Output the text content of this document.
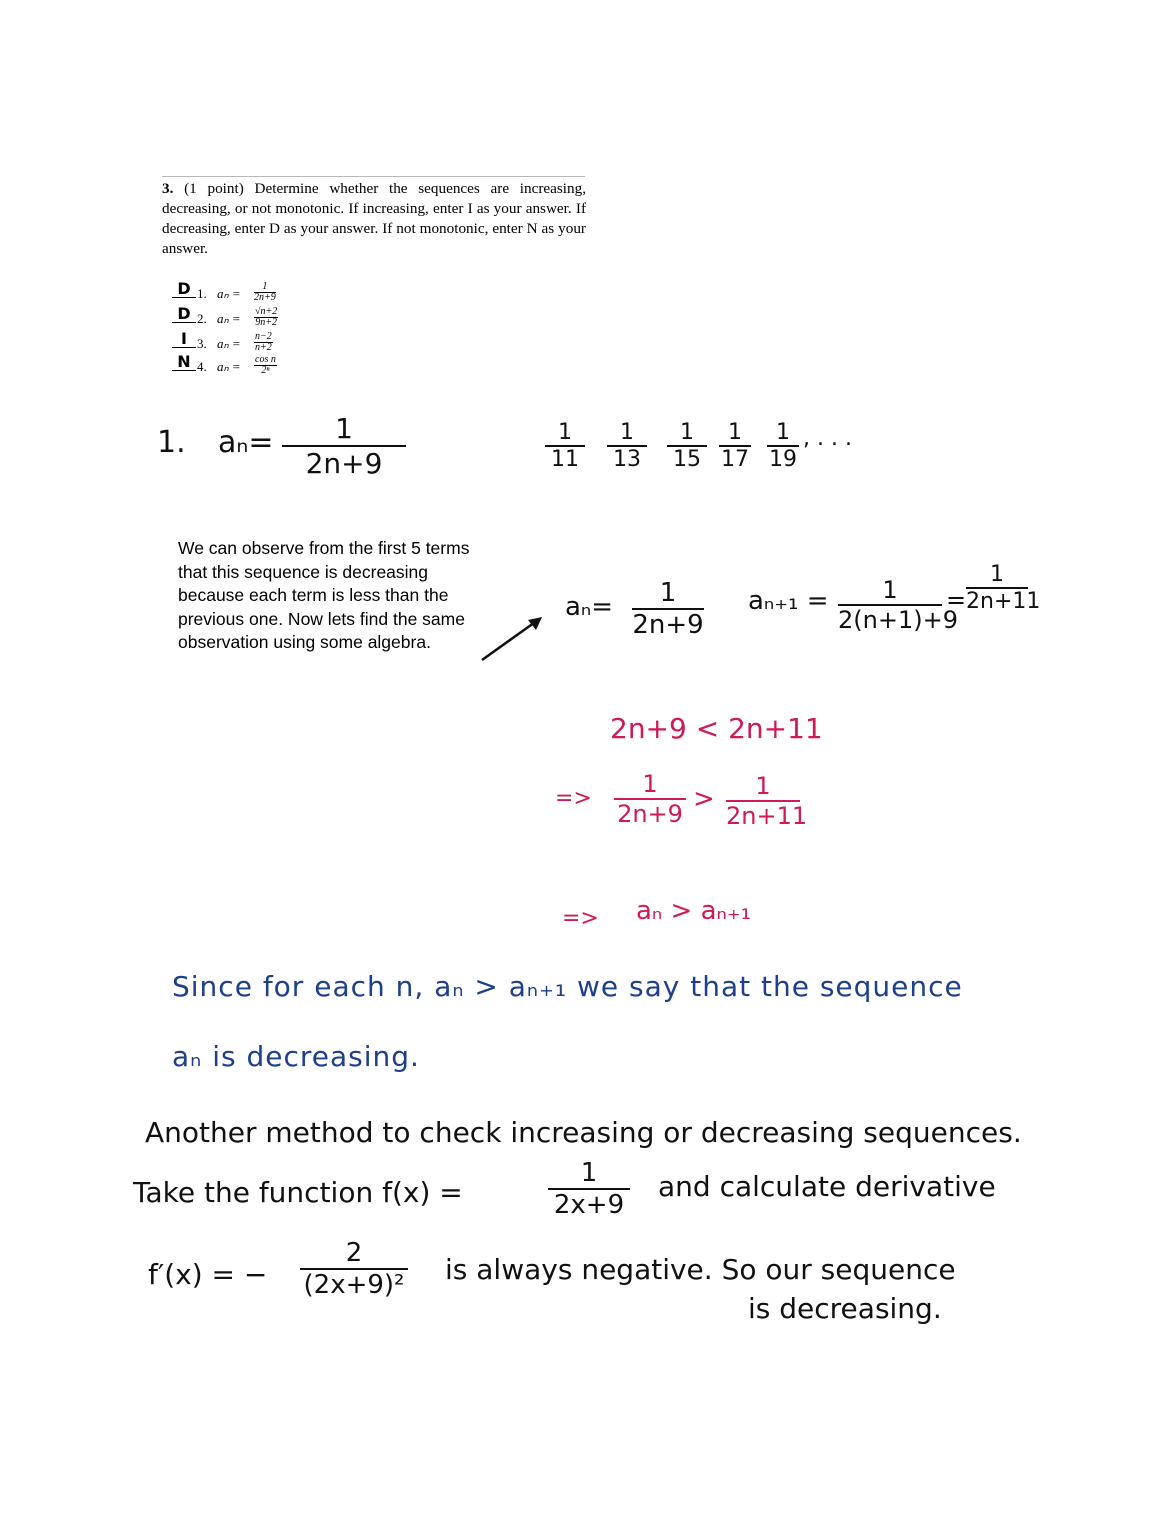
3. (1 point) Determine whether the sequences are increasing, decreasing, or not monotonic. If increasing, enter I as your answer. If decreasing, enter D as your answer. If not monotonic, enter N as your answer.
D 1. $a_n = \frac{1}{2n+9}$
D 2. $a_n = \frac{√n+2}{9n+2}$
I 3. $a_n = \frac{n-2}{n+2}$
N 4. $a_n = \frac{\text{cos n}}{\text{2ⁿ}}$
1. $a_n= \frac{1}{2n+9}$	$\frac{1}{11} \frac{1}{13} \frac{1}{15} \frac{1}{17} \frac{1}{19}$ , . . .
We can observe from the first 5 terms that this sequence is decreasing because each term is less than the previous one. Now lets find the same observation using some algebra.
$a_n= \frac{1}{2n+9} a_{n+1} = \frac{1}{2(n+1)+9} = \frac{1}{2n+11}$
2n+9 < 2n+11
=> $\frac{1}{2n+9} > \frac{1}{2n+11}$
=> aₙ > aₙ₊₁
Since for each n, aₙ > aₙ₊₁ we say that the sequence
aₙ is decreasing.
Another method to check increasing or decreasing sequences.
Take the function f(x) =	$\frac{1}{2x+9}$ and calculate derivative
f′(x) = − $\frac{2}{\text{(2x+9)²}}$ is always negative. So our sequence
is decreasing.
